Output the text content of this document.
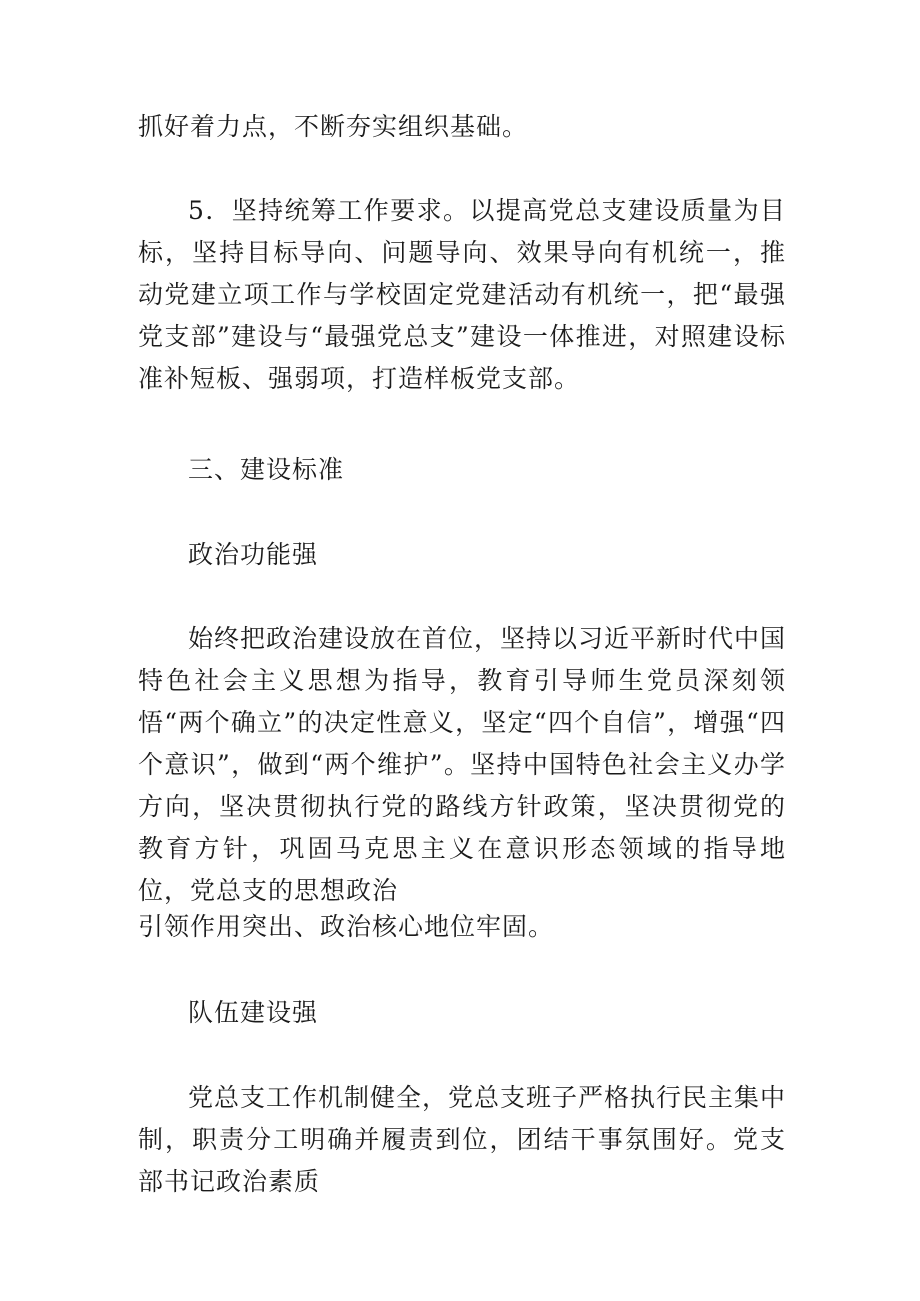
抓好着力点，不断夯实组织基础。

5．坚持统筹工作要求。以提高党总支建设质量为目标，坚持目标导向、问题导向、效果导向有机统一，推动党建立项工作与学校固定党建活动有机统一，把“最强党支部”建设与“最强党总支”建设一体推进，对照建设标准补短板、强弱项，打造样板党支部。

三、建设标准

政治功能强

始终把政治建设放在首位，坚持以习近平新时代中国特色社会主义思想为指导，教育引导师生党员深刻领悟“两个确立”的决定性意义，坚定“四个自信”，增强“四个意识”，做到“两个维护”。坚持中国特色社会主义办学方向，坚决贯彻执行党的路线方针政策，坚决贯彻党的教育方针，巩固马克思主义在意识形态领域的指导地位，党总支的思想政治

引领作用突出、政治核心地位牢固。

队伍建设强

党总支工作机制健全，党总支班子严格执行民主集中制，职责分工明确并履责到位，团结干事氛围好。党支部书记政治素质
